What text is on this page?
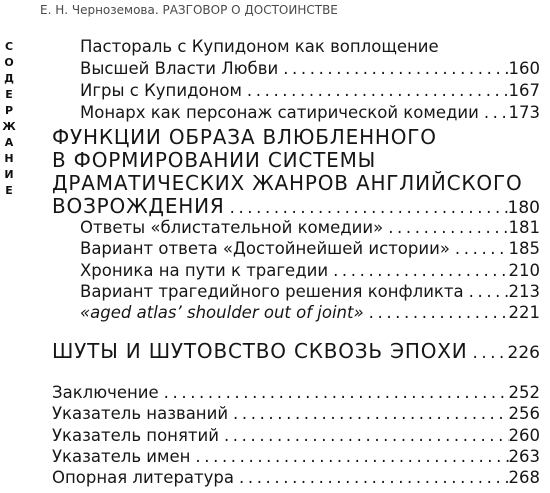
Е. Н. Черноземова. РАЗГОВОР О ДОСТОИНСТВЕ
СОДЕРЖАНИЕ
Пастораль с Купидоном как воплощение
Высшей Власти Любви .....	160
Игры с Купидоном .....	167
Монарх как персонаж сатирической комедии ..... 173
ФУНКЦИИ ОБРАЗА ВЛЮБЛЕННОГО
В ФОРМИРОВАНИИ СИСТЕМЫ
ДРАМАТИЧЕСКИХ ЖАНРОВ АНГЛИЙСКОГО
ВОЗРОЖДЕНИЯ .....	180
Ответы «блистательной комедии» .....	181
Вариант ответа «Достойнейшей истории» .....	185
Хроника на пути к трагедии .....	210
Вариант трагедийного решения конфликта .....	213
«aged atlas’ shoulder out of joint» .....	221
ШУТЫ И ШУТОВСТВО СКВОЗЬ ЭПОХИ ..... 226
Заключение .....	252
Указатель названий .....	256
Указатель понятий .....	260
Указатель имен .....	263
Опорная литература .....	268
